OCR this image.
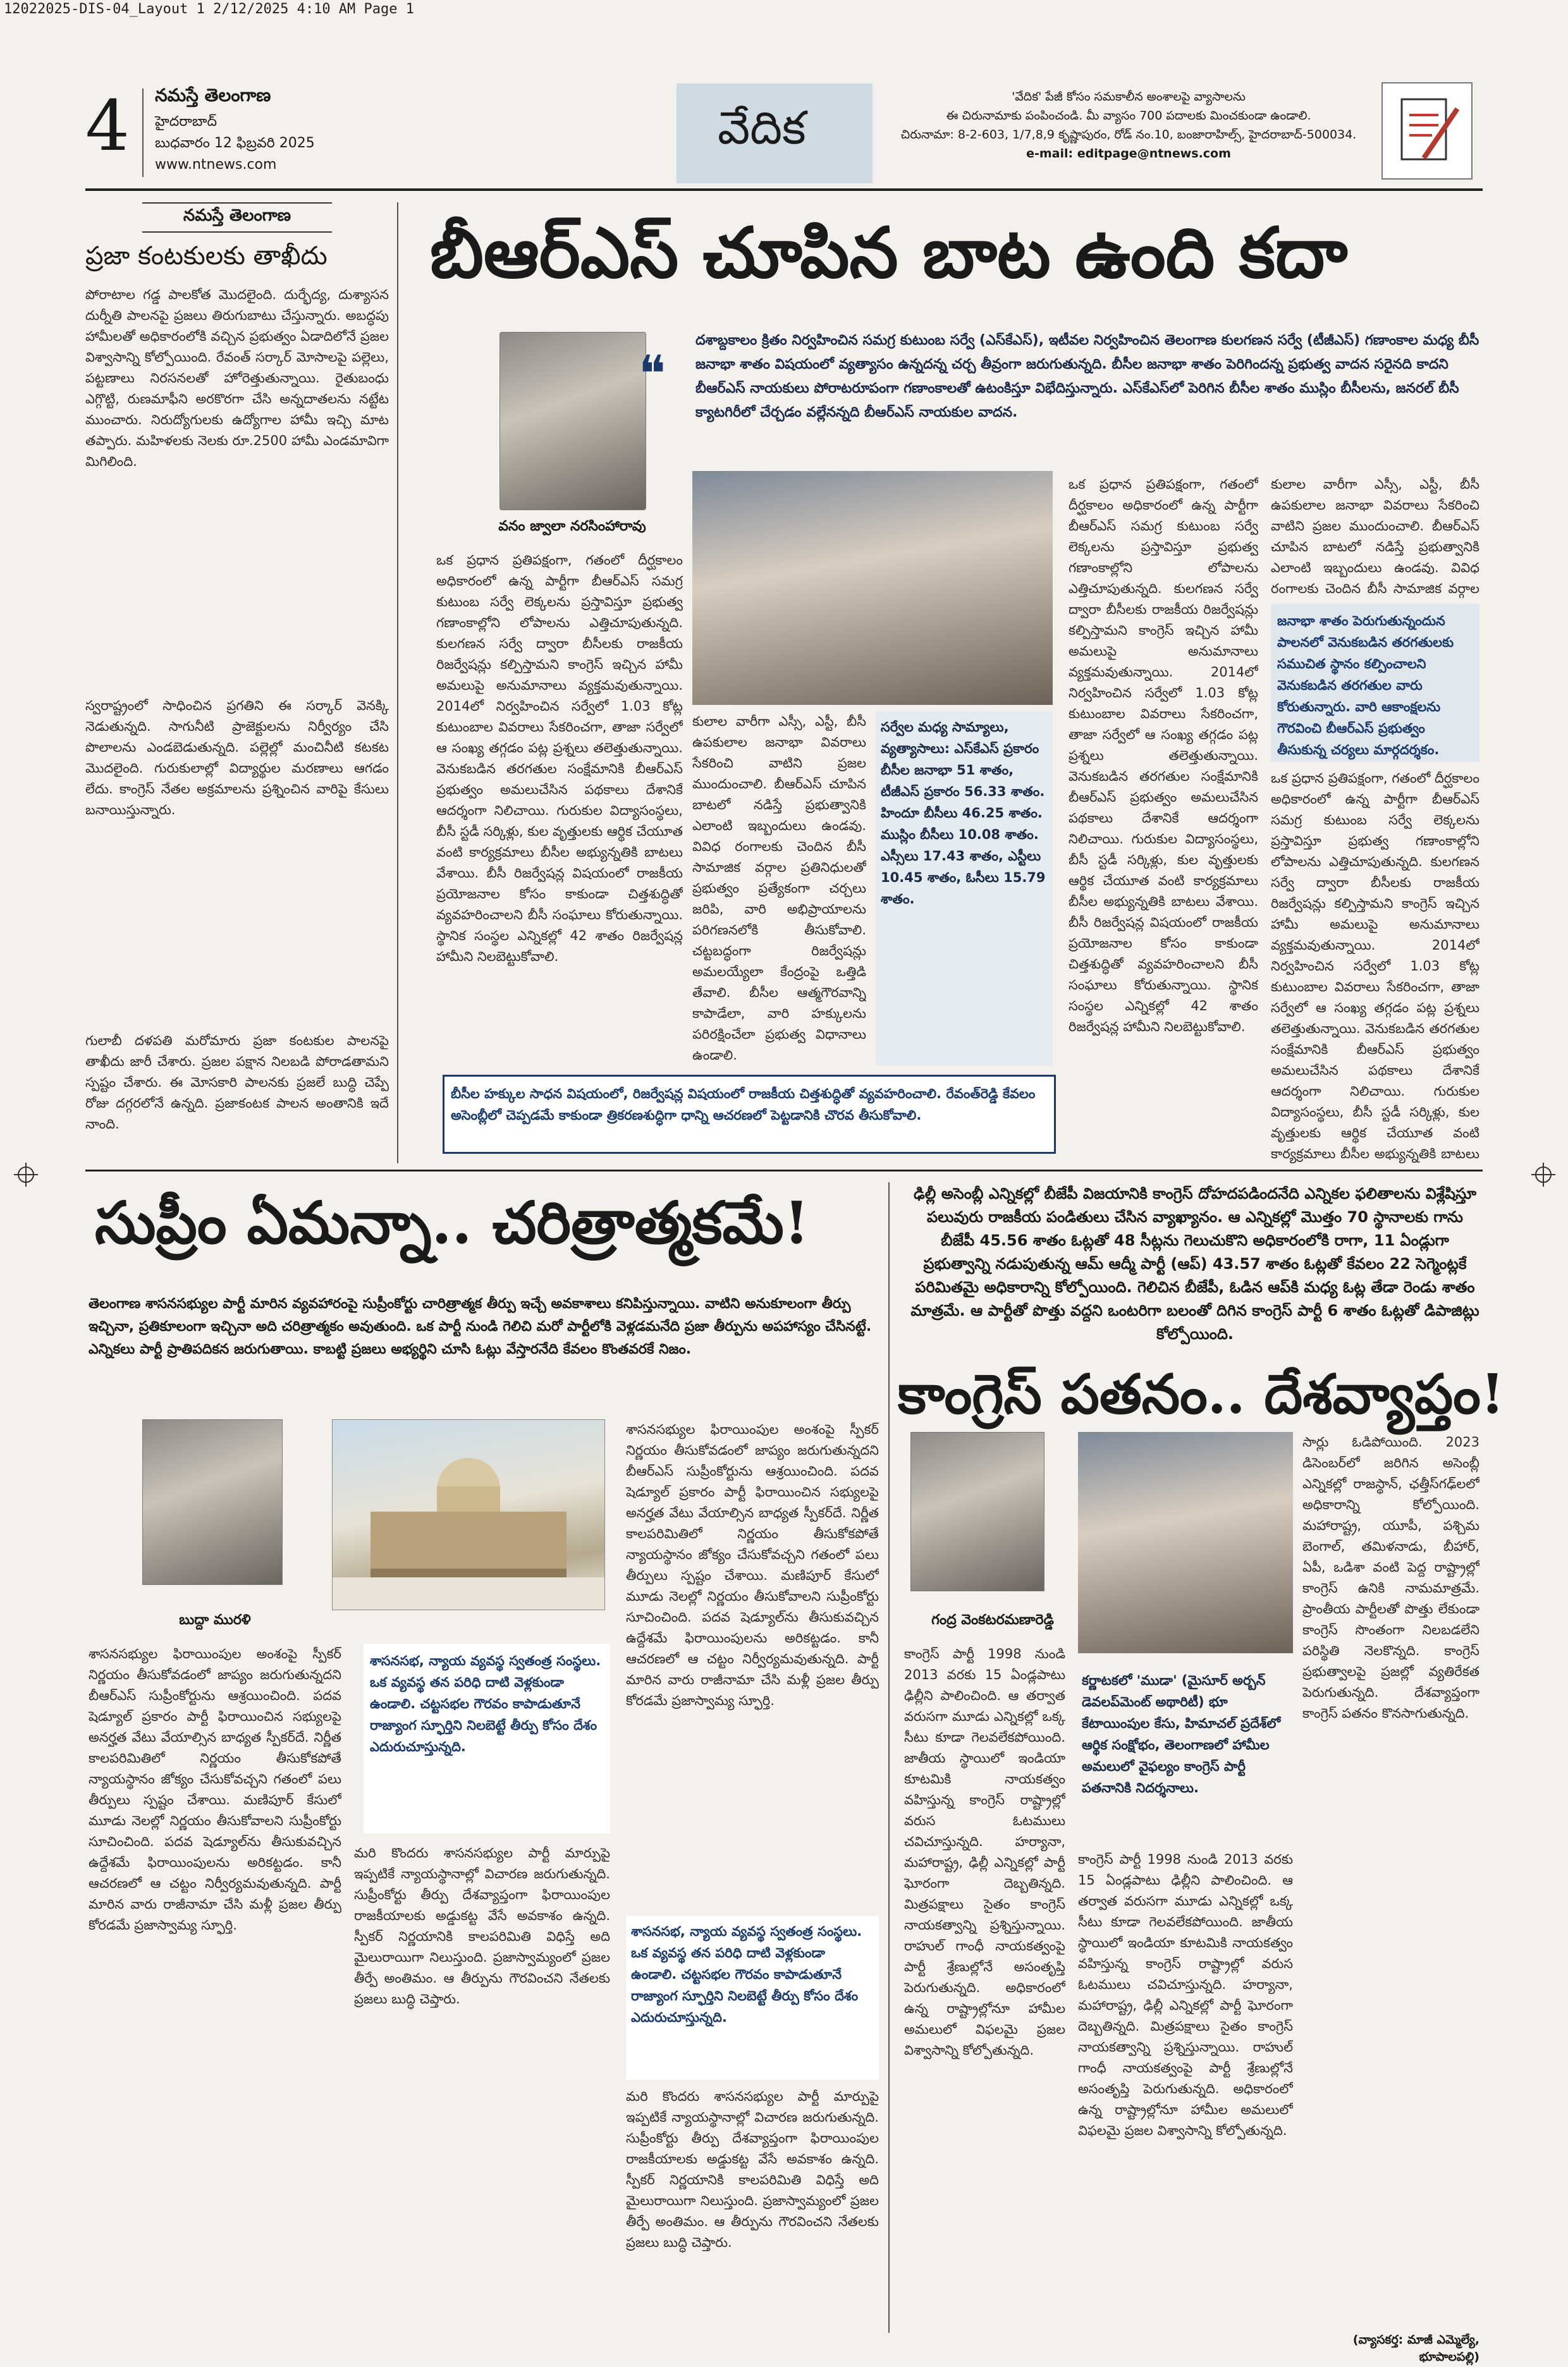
12022025-DIS-04_Layout 1 2/12/2025 4:10 AM Page 1
4 నమస్తే తెలంగాణ
హైదరాబాద్
బుధవారం 12 ఫిబ్రవరి 2025
www.ntnews.com
వేదిక
'వేదిక' పేజీ కోసం సమకాలీన అంశాలపై వ్యాసాలను
ఈ చిరునామాకు పంపించండి. మీ వ్యాసం 700 పదాలకు మించకుండా ఉండాలి.
చిరునామా: 8-2-603, 1/7,8,9 కృష్ణాపురం, రోడ్ నం.10, బంజారాహిల్స్, హైదరాబాద్-500034.
e-mail: editpage@ntnews.com
నమస్తే తెలంగాణ
ప్రజా కంటకులకు తాఖీదు
పోరాటాల గడ్డ పాలకోత మొదలైంది. దుర్భేద్య, దుశ్యాసన దుర్నీతి పాలనపై ప్రజలు తిరుగుబాటు చేస్తున్నారు. అబద్ధపు హామీలతో అధికారంలోకి వచ్చిన ప్రభుత్వం ఏడాదిలోనే ప్రజల విశ్వాసాన్ని కోల్పోయింది. రేవంత్ సర్కార్ మోసాలపై పల్లెలు, పట్టణాలు నిరసనలతో హోరెత్తుతున్నాయి. రైతుబంధు ఎగ్గొట్టి, రుణమాఫీని అరకొరగా చేసి అన్నదాతలను నట్టేట ముంచారు. నిరుద్యోగులకు ఉద్యోగాల హామీ ఇచ్చి మాట తప్పారు. మహిళలకు నెలకు రూ.2500 హామీ ఎండమావిగా మిగిలింది.
స్వరాష్ట్రంలో సాధించిన ప్రగతిని ఈ సర్కార్ వెనక్కి నెడుతున్నది. సాగునీటి ప్రాజెక్టులను నిర్వీర్యం చేసి పొలాలను ఎండబెడుతున్నది. పల్లెల్లో మంచినీటి కటకట మొదలైంది. గురుకులాల్లో విద్యార్థుల మరణాలు ఆగడం లేదు. కాంగ్రెస్ నేతల అక్రమాలను ప్రశ్నించిన వారిపై కేసులు బనాయిస్తున్నారు.
గులాబీ దళపతి మరోమారు ప్రజా కంటకుల పాలనపై తాఖీదు జారీ చేశారు. ప్రజల పక్షాన నిలబడి పోరాడతామని స్పష్టం చేశారు. ఈ మోసకారి పాలనకు ప్రజలే బుద్ధి చెప్పే రోజు దగ్గరలోనే ఉన్నది. ప్రజాకంటక పాలన అంతానికి ఇదే నాంది.
బీఆర్‌ఎస్ చూపిన బాట ఉంది కదా
వనం జ్వాలా నరసింహారావు
❝
దశాబ్దకాలం క్రితం నిర్వహించిన సమగ్ర కుటుంబ సర్వే (ఎస్‌కేఎస్), ఇటీవల నిర్వహించిన తెలంగాణ కులగణన సర్వే (టీజీఎస్) గణాంకాల మధ్య బీసీ జనాభా శాతం విషయంలో వ్యత్యాసం ఉన్నదన్న చర్చ తీవ్రంగా జరుగుతున్నది. బీసీల జనాభా శాతం పెరిగిందన్న ప్రభుత్వ వాదన సరైనది కాదని బీఆర్‌ఎస్ నాయకులు పోరాటరూపంగా గణాంకాలతో ఉటంకిస్తూ విభేదిస్తున్నారు. ఎస్‌కేఎస్‌లో పెరిగిన బీసీల శాతం ముస్లిం బీసీలను, జనరల్ బీసీ క్యాటగిరీలో చేర్చడం వల్లేనన్నది బీఆర్‌ఎస్ నాయకుల వాదన.
ఒక ప్రధాన ప్రతిపక్షంగా, గతంలో దీర్ఘకాలం అధికారంలో ఉన్న పార్టీగా బీఆర్‌ఎస్ సమగ్ర కుటుంబ సర్వే లెక్కలను ప్రస్తావిస్తూ ప్రభుత్వ గణాంకాల్లోని లోపాలను ఎత్తిచూపుతున్నది. కులగణన సర్వే ద్వారా బీసీలకు రాజకీయ రిజర్వేషన్లు కల్పిస్తామని కాంగ్రెస్ ఇచ్చిన హామీ అమలుపై అనుమానాలు వ్యక్తమవుతున్నాయి. 2014లో నిర్వహించిన సర్వేలో 1.03 కోట్ల కుటుంబాల వివరాలు సేకరించగా, తాజా సర్వేలో ఆ సంఖ్య తగ్గడం పట్ల ప్రశ్నలు తలెత్తుతున్నాయి. వెనుకబడిన తరగతుల సంక్షేమానికి బీఆర్‌ఎస్ ప్రభుత్వం అమలుచేసిన పథకాలు దేశానికే ఆదర్శంగా నిలిచాయి. గురుకుల విద్యాసంస్థలు, బీసీ స్టడీ సర్కిళ్లు, కుల వృత్తులకు ఆర్థిక చేయూత వంటి కార్యక్రమాలు బీసీల అభ్యున్నతికి బాటలు వేశాయి. బీసీ రిజర్వేషన్ల విషయంలో రాజకీయ ప్రయోజనాల కోసం కాకుండా చిత్తశుద్ధితో వ్యవహరించాలని బీసీ సంఘాలు కోరుతున్నాయి. స్థానిక సంస్థల ఎన్నికల్లో 42 శాతం రిజర్వేషన్ల హామీని నిలబెట్టుకోవాలి.
కులాల వారీగా ఎస్సీ, ఎస్టీ, బీసీ ఉపకులాల జనాభా వివరాలు సేకరించి వాటిని ప్రజల ముందుంచాలి. బీఆర్‌ఎస్ చూపిన బాటలో నడిస్తే ప్రభుత్వానికి ఎలాంటి ఇబ్బందులు ఉండవు. వివిధ రంగాలకు చెందిన బీసీ సామాజిక వర్గాల ప్రతినిధులతో ప్రభుత్వం ప్రత్యేకంగా చర్చలు జరిపి, వారి అభిప్రాయాలను పరిగణనలోకి తీసుకోవాలి. చట్టబద్ధంగా రిజర్వేషన్లు అమలయ్యేలా కేంద్రంపై ఒత్తిడి తేవాలి. బీసీల ఆత్మగౌరవాన్ని కాపాడేలా, వారి హక్కులను పరిరక్షించేలా ప్రభుత్వ విధానాలు ఉండాలి.
సర్వేల మధ్య సామ్యాలు, వ్యత్యాసాలు: ఎస్‌కేఎస్ ప్రకారం బీసీల జనాభా 51 శాతం, టీజీఎస్ ప్రకారం 56.33 శాతం. హిందూ బీసీలు 46.25 శాతం. ముస్లిం బీసీలు 10.08 శాతం. ఎస్సీలు 17.43 శాతం, ఎస్టీలు 10.45 శాతం, ఓసీలు 15.79 శాతం.
ఒక ప్రధాన ప్రతిపక్షంగా, గతంలో దీర్ఘకాలం అధికారంలో ఉన్న పార్టీగా బీఆర్‌ఎస్ సమగ్ర కుటుంబ సర్వే లెక్కలను ప్రస్తావిస్తూ ప్రభుత్వ గణాంకాల్లోని లోపాలను ఎత్తిచూపుతున్నది. కులగణన సర్వే ద్వారా బీసీలకు రాజకీయ రిజర్వేషన్లు కల్పిస్తామని కాంగ్రెస్ ఇచ్చిన హామీ అమలుపై అనుమానాలు వ్యక్తమవుతున్నాయి. 2014లో నిర్వహించిన సర్వేలో 1.03 కోట్ల కుటుంబాల వివరాలు సేకరించగా, తాజా సర్వేలో ఆ సంఖ్య తగ్గడం పట్ల ప్రశ్నలు తలెత్తుతున్నాయి. వెనుకబడిన తరగతుల సంక్షేమానికి బీఆర్‌ఎస్ ప్రభుత్వం అమలుచేసిన పథకాలు దేశానికే ఆదర్శంగా నిలిచాయి. గురుకుల విద్యాసంస్థలు, బీసీ స్టడీ సర్కిళ్లు, కుల వృత్తులకు ఆర్థిక చేయూత వంటి కార్యక్రమాలు బీసీల అభ్యున్నతికి బాటలు వేశాయి. బీసీ రిజర్వేషన్ల విషయంలో రాజకీయ ప్రయోజనాల కోసం కాకుండా చిత్తశుద్ధితో వ్యవహరించాలని బీసీ సంఘాలు కోరుతున్నాయి. స్థానిక సంస్థల ఎన్నికల్లో 42 శాతం రిజర్వేషన్ల హామీని నిలబెట్టుకోవాలి.
కులాల వారీగా ఎస్సీ, ఎస్టీ, బీసీ ఉపకులాల జనాభా వివరాలు సేకరించి వాటిని ప్రజల ముందుంచాలి. బీఆర్‌ఎస్ చూపిన బాటలో నడిస్తే ప్రభుత్వానికి ఎలాంటి ఇబ్బందులు ఉండవు. వివిధ రంగాలకు చెందిన బీసీ సామాజిక వర్గాల
జనాభా శాతం పెరుగుతున్నందున పాలనలో వెనుకబడిన తరగతులకు సముచిత స్థానం కల్పించాలని వెనుకబడిన తరగతుల వారు కోరుతున్నారు. వారి ఆకాంక్షలను గౌరవించి బీఆర్‌ఎస్ ప్రభుత్వం తీసుకున్న చర్యలు మార్గదర్శకం.
ఒక ప్రధాన ప్రతిపక్షంగా, గతంలో దీర్ఘకాలం అధికారంలో ఉన్న పార్టీగా బీఆర్‌ఎస్ సమగ్ర కుటుంబ సర్వే లెక్కలను ప్రస్తావిస్తూ ప్రభుత్వ గణాంకాల్లోని లోపాలను ఎత్తిచూపుతున్నది. కులగణన సర్వే ద్వారా బీసీలకు రాజకీయ రిజర్వేషన్లు కల్పిస్తామని కాంగ్రెస్ ఇచ్చిన హామీ అమలుపై అనుమానాలు వ్యక్తమవుతున్నాయి. 2014లో నిర్వహించిన సర్వేలో 1.03 కోట్ల కుటుంబాల వివరాలు సేకరించగా, తాజా సర్వేలో ఆ సంఖ్య తగ్గడం పట్ల ప్రశ్నలు తలెత్తుతున్నాయి. వెనుకబడిన తరగతుల సంక్షేమానికి బీఆర్‌ఎస్ ప్రభుత్వం అమలుచేసిన పథకాలు దేశానికే ఆదర్శంగా నిలిచాయి. గురుకుల విద్యాసంస్థలు, బీసీ స్టడీ సర్కిళ్లు, కుల వృత్తులకు ఆర్థిక చేయూత వంటి కార్యక్రమాలు బీసీల అభ్యున్నతికి బాటలు
బీసీల హక్కుల సాధన విషయంలో, రిజర్వేషన్ల విషయంలో రాజకీయ చిత్తశుద్ధితో వ్యవహరించాలి. రేవంత్‌రెడ్డి కేవలం అసెంబ్లీలో చెప్పడమే కాకుండా త్రికరణశుద్ధిగా ధాన్ని ఆచరణలో పెట్టడానికి చొరవ తీసుకోవాలి.
సుప్రీం ఏమన్నా.. చరిత్రాత్మకమే!
తెలంగాణ శాసనసభ్యుల పార్టీ మారిన వ్యవహారంపై సుప్రీంకోర్టు చారిత్రాత్మక తీర్పు ఇచ్చే అవకాశాలు కనిపిస్తున్నాయి. వాటిని అనుకూలంగా తీర్పు ఇచ్చినా, ప్రతికూలంగా ఇచ్చినా అది చరిత్రాత్మకం అవుతుంది. ఒక పార్టీ నుండి గెలిచి మరో పార్టీలోకి వెళ్లడమనేది ప్రజా తీర్పును అపహాస్యం చేసినట్టే. ఎన్నికలు పార్టీ ప్రాతిపదికన జరుగుతాయి. కాబట్టి ప్రజలు అభ్యర్థిని చూసి ఓట్లు వేస్తారనేది కేవలం కొంతవరకే నిజం.
బుద్దా మురళి
శాసనసభ్యుల ఫిరాయింపుల అంశంపై స్పీకర్ నిర్ణయం తీసుకోవడంలో జాప్యం జరుగుతున్నదని బీఆర్‌ఎస్ సుప్రీంకోర్టును ఆశ్రయించింది. పదవ షెడ్యూల్ ప్రకారం పార్టీ ఫిరాయించిన సభ్యులపై అనర్హత వేటు వేయాల్సిన బాధ్యత స్పీకర్‌దే. నిర్ణీత కాలపరిమితిలో నిర్ణయం తీసుకోకపోతే న్యాయస్థానం జోక్యం చేసుకోవచ్చని గతంలో పలు తీర్పులు స్పష్టం చేశాయి. మణిపూర్ కేసులో మూడు నెలల్లో నిర్ణయం తీసుకోవాలని సుప్రీంకోర్టు సూచించింది. పదవ షెడ్యూల్‌ను తీసుకువచ్చిన ఉద్దేశమే ఫిరాయింపులను అరికట్టడం. కానీ ఆచరణలో ఆ చట్టం నిర్వీర్యమవుతున్నది. పార్టీ మారిన వారు రాజీనామా చేసి మళ్లీ ప్రజల తీర్పు కోరడమే ప్రజాస్వామ్య స్ఫూర్తి.
శాసనసభ, న్యాయ వ్యవస్థ స్వతంత్ర సంస్థలు. ఒక వ్యవస్థ తన పరిధి దాటి వెళ్లకుండా ఉండాలి. చట్టసభల గౌరవం కాపాడుతూనే రాజ్యాంగ స్ఫూర్తిని నిలబెట్టే తీర్పు కోసం దేశం ఎదురుచూస్తున్నది.
మరి కొందరు శాసనసభ్యుల పార్టీ మార్పుపై ఇప్పటికే న్యాయస్థానాల్లో విచారణ జరుగుతున్నది. సుప్రీంకోర్టు తీర్పు దేశవ్యాప్తంగా ఫిరాయింపుల రాజకీయాలకు అడ్డుకట్ట వేసే అవకాశం ఉన్నది. స్పీకర్ నిర్ణయానికి కాలపరిమితి విధిస్తే అది మైలురాయిగా నిలుస్తుంది. ప్రజాస్వామ్యంలో ప్రజల తీర్పే అంతిమం. ఆ తీర్పును గౌరవించని నేతలకు ప్రజలు బుద్ధి చెప్తారు.
శాసనసభ్యుల ఫిరాయింపుల అంశంపై స్పీకర్ నిర్ణయం తీసుకోవడంలో జాప్యం జరుగుతున్నదని బీఆర్‌ఎస్ సుప్రీంకోర్టును ఆశ్రయించింది. పదవ షెడ్యూల్ ప్రకారం పార్టీ ఫిరాయించిన సభ్యులపై అనర్హత వేటు వేయాల్సిన బాధ్యత స్పీకర్‌దే. నిర్ణీత కాలపరిమితిలో నిర్ణయం తీసుకోకపోతే న్యాయస్థానం జోక్యం చేసుకోవచ్చని గతంలో పలు తీర్పులు స్పష్టం చేశాయి. మణిపూర్ కేసులో మూడు నెలల్లో నిర్ణయం తీసుకోవాలని సుప్రీంకోర్టు సూచించింది. పదవ షెడ్యూల్‌ను తీసుకువచ్చిన ఉద్దేశమే ఫిరాయింపులను అరికట్టడం. కానీ ఆచరణలో ఆ చట్టం నిర్వీర్యమవుతున్నది. పార్టీ మారిన వారు రాజీనామా చేసి మళ్లీ ప్రజల తీర్పు కోరడమే ప్రజాస్వామ్య స్ఫూర్తి.
శాసనసభ, న్యాయ వ్యవస్థ స్వతంత్ర సంస్థలు. ఒక వ్యవస్థ తన పరిధి దాటి వెళ్లకుండా ఉండాలి. చట్టసభల గౌరవం కాపాడుతూనే రాజ్యాంగ స్ఫూర్తిని నిలబెట్టే తీర్పు కోసం దేశం ఎదురుచూస్తున్నది.
మరి కొందరు శాసనసభ్యుల పార్టీ మార్పుపై ఇప్పటికే న్యాయస్థానాల్లో విచారణ జరుగుతున్నది. సుప్రీంకోర్టు తీర్పు దేశవ్యాప్తంగా ఫిరాయింపుల రాజకీయాలకు అడ్డుకట్ట వేసే అవకాశం ఉన్నది. స్పీకర్ నిర్ణయానికి కాలపరిమితి విధిస్తే అది మైలురాయిగా నిలుస్తుంది. ప్రజాస్వామ్యంలో ప్రజల తీర్పే అంతిమం. ఆ తీర్పును గౌరవించని నేతలకు ప్రజలు బుద్ధి చెప్తారు.
ఢిల్లీ అసెంబ్లీ ఎన్నికల్లో బీజేపీ విజయానికి కాంగ్రెస్ దోహదపడిందనేది ఎన్నికల ఫలితాలను విశ్లేషిస్తూ పలువురు రాజకీయ పండితులు చేసిన వ్యాఖ్యానం. ఆ ఎన్నికల్లో మొత్తం 70 స్థానాలకు గాను బీజేపీ 45.56 శాతం ఓట్లతో 48 సీట్లను గెలుచుకొని అధికారంలోకి రాగా, 11 ఏండ్లుగా ప్రభుత్వాన్ని నడుపుతున్న ఆమ్ ఆద్మీ పార్టీ (ఆప్) 43.57 శాతం ఓట్లతో కేవలం 22 సెగ్మెంట్లకే పరిమితమై అధికారాన్ని కోల్పోయింది. గెలిచిన బీజేపీ, ఓడిన ఆప్‌కి మధ్య ఓట్ల తేడా రెండు శాతం మాత్రమే. ఆ పార్టీతో పొత్తు వద్దని ఒంటరిగా బలంతో దిగిన కాంగ్రెస్ పార్టీ 6 శాతం ఓట్లతో డిపాజిట్లు కోల్పోయింది.
కాంగ్రెస్ పతనం.. దేశవ్యాప్తం!
గంద్ర వెంకటరమణారెడ్డి
సార్లు ఓడిపోయింది. 2023 డిసెంబర్‌లో జరిగిన అసెంబ్లీ ఎన్నికల్లో రాజస్థాన్, ఛత్తీస్‌గఢ్‌లలో అధికారాన్ని కోల్పోయింది. మహారాష్ట్ర, యూపీ, పశ్చిమ బెంగాల్, తమిళనాడు, బీహార్, ఏపీ, ఒడిశా వంటి పెద్ద రాష్ట్రాల్లో కాంగ్రెస్ ఉనికి నామమాత్రమే. ప్రాంతీయ పార్టీలతో పొత్తు లేకుండా కాంగ్రెస్ సొంతంగా నిలబడలేని పరిస్థితి నెలకొన్నది. కాంగ్రెస్ ప్రభుత్వాలపై ప్రజల్లో వ్యతిరేకత పెరుగుతున్నది. దేశవ్యాప్తంగా కాంగ్రెస్ పతనం కొనసాగుతున్నది.
కాంగ్రెస్ పార్టీ 1998 నుండి 2013 వరకు 15 ఏండ్లపాటు ఢిల్లీని పాలించింది. ఆ తర్వాత వరుసగా మూడు ఎన్నికల్లో ఒక్క సీటు కూడా గెలవలేకపోయింది. జాతీయ స్థాయిలో ఇండియా కూటమికి నాయకత్వం వహిస్తున్న కాంగ్రెస్ రాష్ట్రాల్లో వరుస ఓటములు చవిచూస్తున్నది. హర్యానా, మహారాష్ట్ర, ఢిల్లీ ఎన్నికల్లో పార్టీ ఘోరంగా దెబ్బతిన్నది. మిత్రపక్షాలు సైతం కాంగ్రెస్ నాయకత్వాన్ని ప్రశ్నిస్తున్నాయి. రాహుల్ గాంధీ నాయకత్వంపై పార్టీ శ్రేణుల్లోనే అసంతృప్తి పెరుగుతున్నది. అధికారంలో ఉన్న రాష్ట్రాల్లోనూ హామీల అమలులో విఫలమై ప్రజల విశ్వాసాన్ని కోల్పోతున్నది.
కర్ణాటకలో 'ముడా' (మైసూర్ అర్బన్ డెవలప్‌మెంట్ అథారిటీ) భూ కేటాయింపుల కేసు, హిమాచల్ ప్రదేశ్‌లో ఆర్థిక సంక్షోభం, తెలంగాణలో హామీల అమలులో వైఫల్యం కాంగ్రెస్ పార్టీ పతనానికి నిదర్శనాలు.
కాంగ్రెస్ పార్టీ 1998 నుండి 2013 వరకు 15 ఏండ్లపాటు ఢిల్లీని పాలించింది. ఆ తర్వాత వరుసగా మూడు ఎన్నికల్లో ఒక్క సీటు కూడా గెలవలేకపోయింది. జాతీయ స్థాయిలో ఇండియా కూటమికి నాయకత్వం వహిస్తున్న కాంగ్రెస్ రాష్ట్రాల్లో వరుస ఓటములు చవిచూస్తున్నది. హర్యానా, మహారాష్ట్ర, ఢిల్లీ ఎన్నికల్లో పార్టీ ఘోరంగా దెబ్బతిన్నది. మిత్రపక్షాలు సైతం కాంగ్రెస్ నాయకత్వాన్ని ప్రశ్నిస్తున్నాయి. రాహుల్ గాంధీ నాయకత్వంపై పార్టీ శ్రేణుల్లోనే అసంతృప్తి పెరుగుతున్నది. అధికారంలో ఉన్న రాష్ట్రాల్లోనూ హామీల అమలులో విఫలమై ప్రజల విశ్వాసాన్ని కోల్పోతున్నది.
(వ్యాసకర్త: మాజీ ఎమ్మెల్యే, భూపాలపల్లి)
